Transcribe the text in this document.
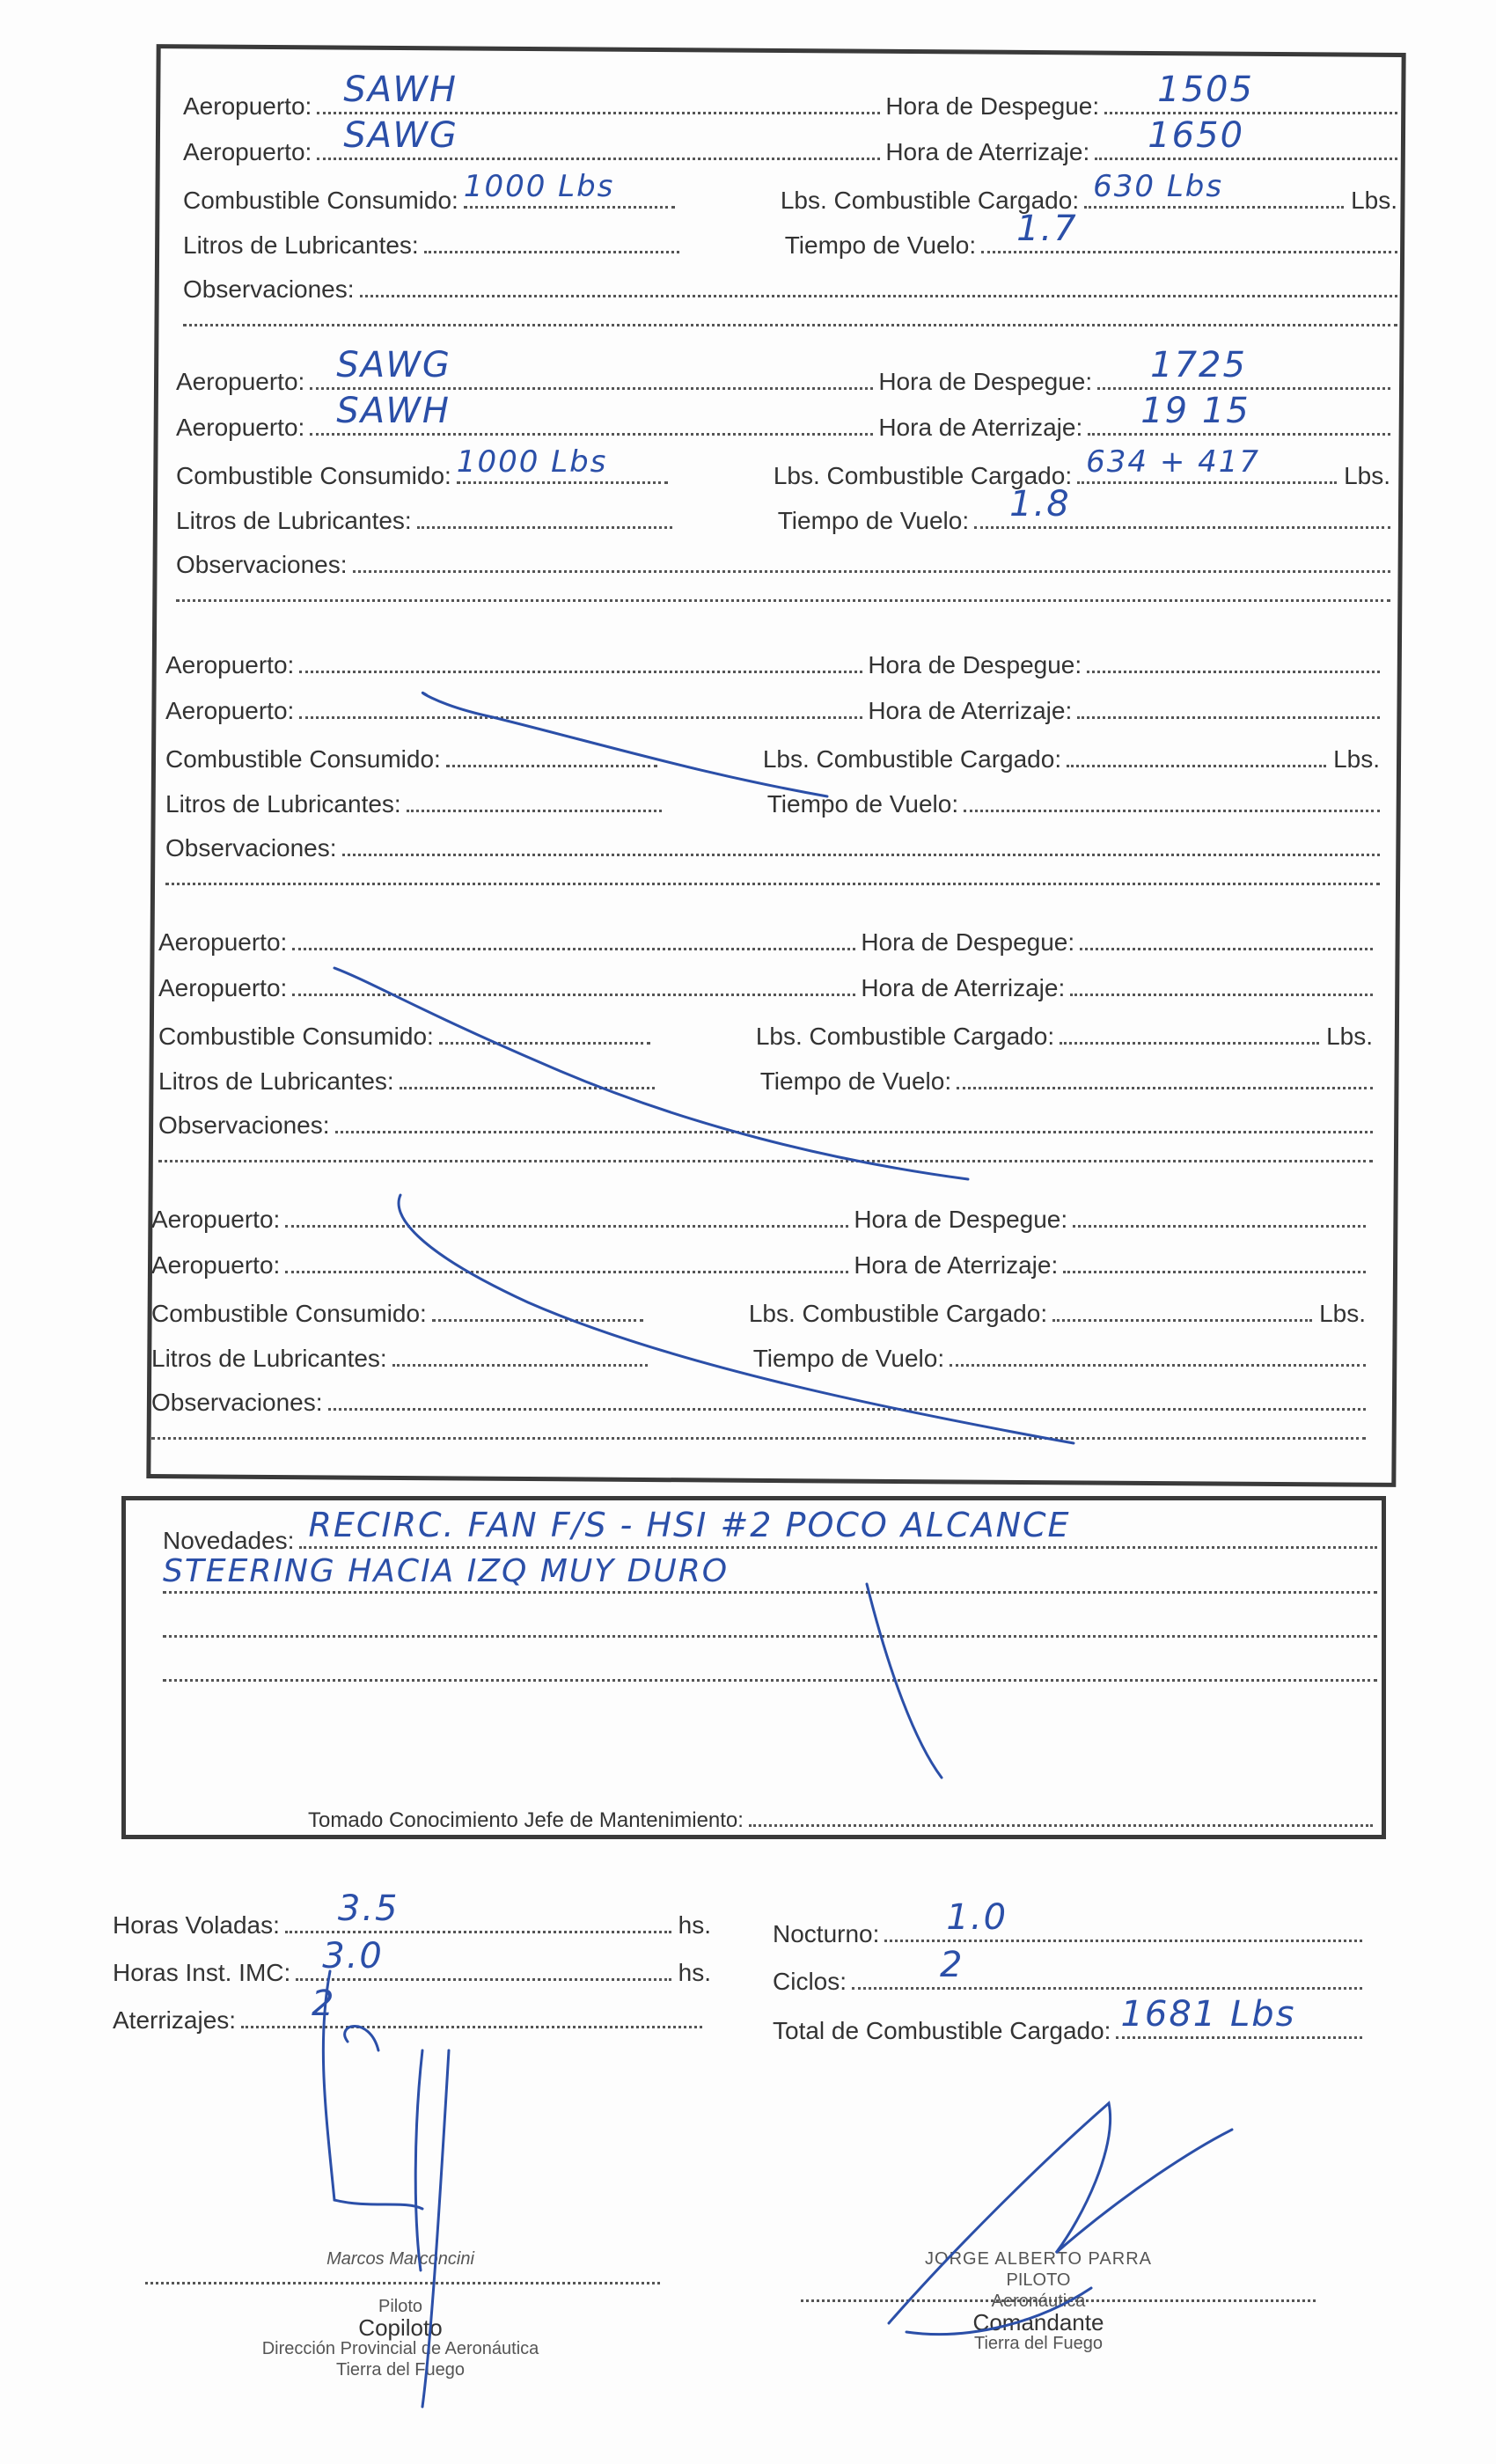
Aeropuerto: SAWH	Hora de Despegue: 1505
Aeropuerto: SAWG	Hora de Aterrizaje: 1650
Combustible Consumido: 1000 Lbs	Lbs. Combustible Cargado: 630 Lbs	Lbs.
Litros de Lubricantes:	Tiempo de Vuelo: 1.7
Observaciones:
Aeropuerto: SAWG	Hora de Despegue: 1725
Aeropuerto: SAWH	Hora de Aterrizaje: 19 15
Combustible Consumido: 1000 Lbs	Lbs. Combustible Cargado: 634 + 417	Lbs.
Litros de Lubricantes:	Tiempo de Vuelo: 1.8
Observaciones:
Aeropuerto:	Hora de Despegue:
Aeropuerto:	Hora de Aterrizaje:
Combustible Consumido:	Lbs. Combustible Cargado:	Lbs.
Litros de Lubricantes:	Tiempo de Vuelo:
Observaciones:
Aeropuerto:	Hora de Despegue:
Aeropuerto:	Hora de Aterrizaje:
Combustible Consumido:	Lbs. Combustible Cargado:	Lbs.
Litros de Lubricantes:	Tiempo de Vuelo:
Observaciones:
Aeropuerto:	Hora de Despegue:
Aeropuerto:	Hora de Aterrizaje:
Combustible Consumido:	Lbs. Combustible Cargado:	Lbs.
Litros de Lubricantes:	Tiempo de Vuelo:
Observaciones:
Novedades: RECIRC. FAN F/S - HSI #2 POCO ALCANCE
STEERING HACIA IZQ MUY DURO
Tomado Conocimiento Jefe de Mantenimiento:
Horas Voladas: 3.5	hs.
Horas Inst. IMC: 3.0	hs.
Aterrizajes: 2
Nocturno: 1.0
Ciclos:	2
Total de Combustible Cargado: 1681 Lbs
Marcos Marconcini
Piloto
Copiloto
Dirección Provincial de Aeronáutica
Tierra del Fuego
JORGE ALBERTO PARRA
PILOTO
Aeronáutica
Comandante
Tierra del Fuego
